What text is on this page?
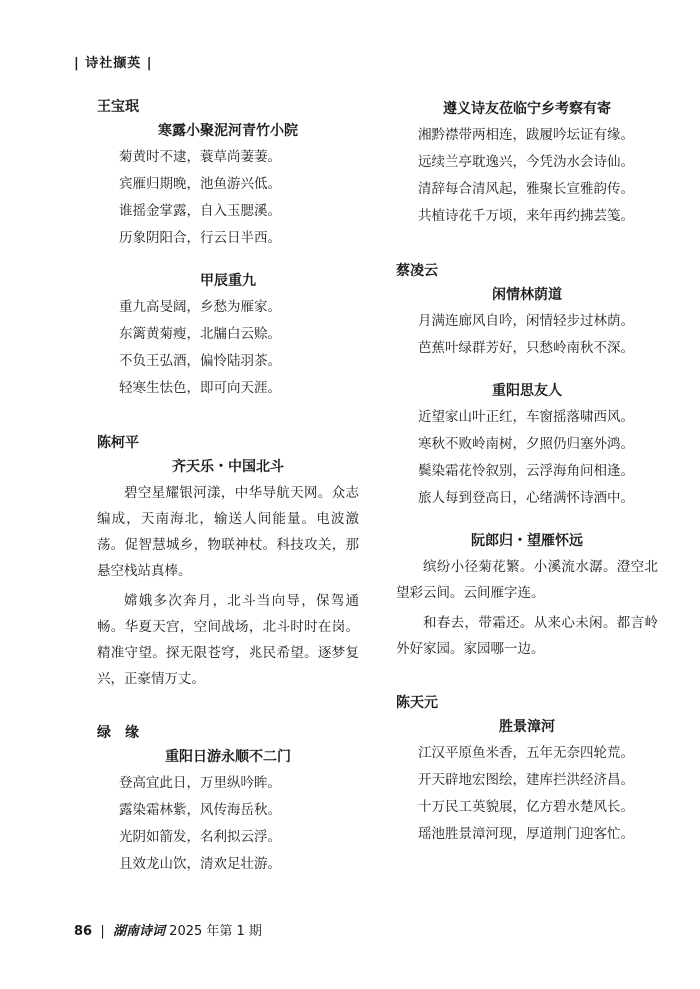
| 诗社撷英 |
王宝珉
寒露小聚泥河青竹小院
菊黄时不逮，蓑草尚萋萋。
宾雁归期晚，池鱼游兴低。
谁摇金掌露，自入玉腮溪。
历象阴阳合，行云日半西。
甲辰重九
重九高旻阔，乡愁为雁家。
东篱黄菊瘦，北牖白云赊。
不负王弘酒，偏怜陆羽茶。
轻寒生怯色，即可向天涯。
陈柯平
齐天乐・中国北斗

碧空星耀银河漾，中华导航天网。众志编成，天南海北，输送人间能量。电波激荡。促智慧城乡，物联神杖。科技攻关，那悬空栈站真棒。

嫦娥多次奔月，北斗当向导，保驾通畅。华夏天宫，空间战场，北斗时时在岗。精准守望。探无限苍穹，兆民希望。逐梦复兴，正豪情万丈。

绿　缘
重阳日游永顺不二门
登高宜此日，万里纵吟眸。
露染霜林紫，风传海岳秋。
光阴如箭发，名利拟云浮。
且效龙山饮，清欢足壮游。
遵义诗友莅临宁乡考察有寄
湘黔襟带两相连，跋履吟坛证有缘。
远续兰亭耽逸兴，今凭沩水会诗仙。
清辞每合清风起，雅聚长宣雅韵传。
共植诗花千万顷，来年再约拂芸笺。
蔡凌云
闲情林荫道
月满连廊风自吟，闲情轻步过林荫。
芭蕉叶绿群芳好，只愁岭南秋不深。
重阳思友人
近望家山叶正红，车窗摇落啸西风。
寒秋不败岭南树，夕照仍归塞外鸿。
鬓染霜花怜叙别，云浮海角问相逢。
旅人每到登高日，心绪满怀诗酒中。
阮郎归・望雁怀远

缤纷小径菊花繁。小溪流水潺。澄空北望彩云间。云间雁字连。

和春去，带霜还。从来心未闲。都言岭外好家园。家园哪一边。

陈天元
胜景漳河
江汉平原鱼米香，五年无奈四轮荒。
开天辟地宏图绘，建库拦洪经济昌。
十万民工英貌展，亿方碧水楚风长。
瑶池胜景漳河现，厚道荆门迎客忙。
86 | 湖南诗词 2025 年第 1 期
